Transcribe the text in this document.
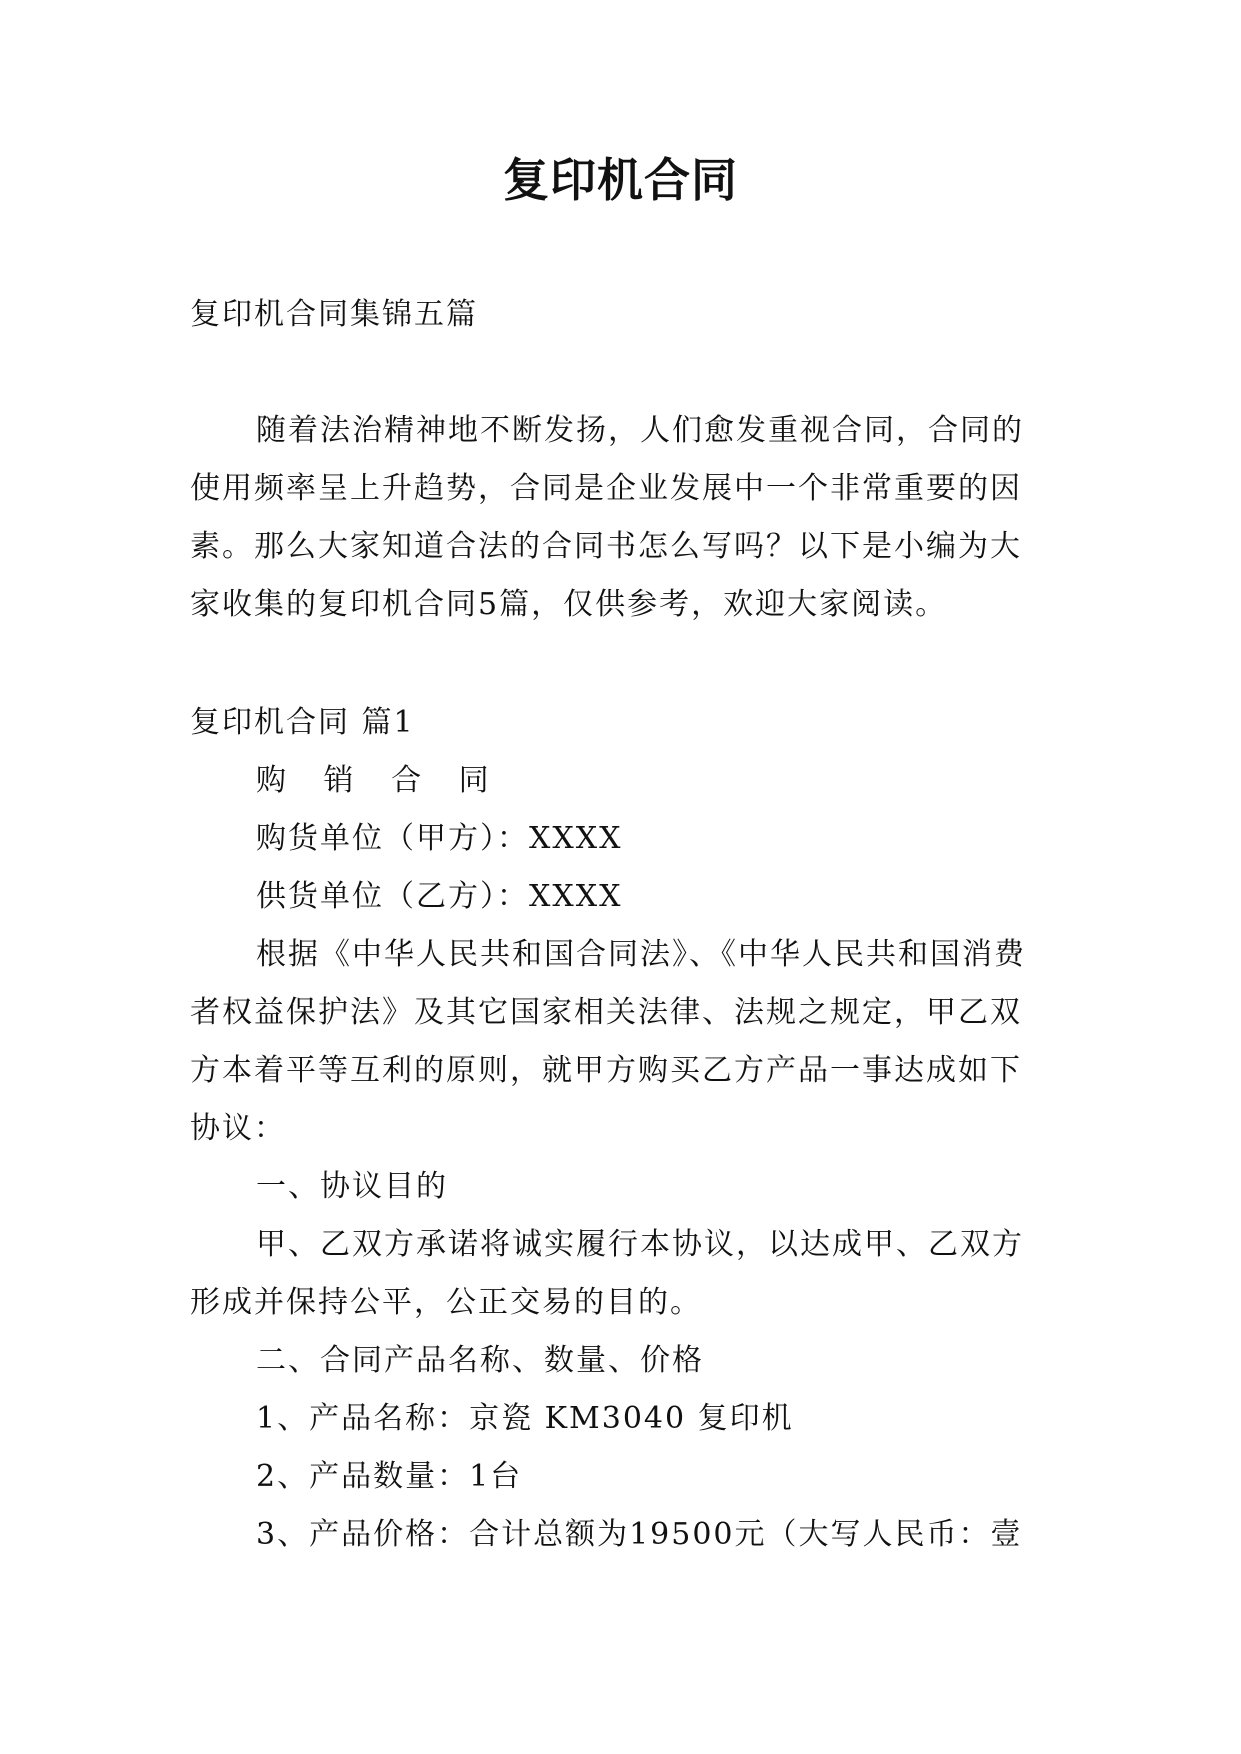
复印机合同
复印机合同集锦五篇
随着法治精神地不断发扬，人们愈发重视合同，合同的
使用频率呈上升趋势，合同是企业发展中一个非常重要的因
素。那么大家知道合法的合同书怎么写吗？以下是小编为大
家收集的复印机合同5篇，仅供参考，欢迎大家阅读。
复印机合同 篇1
购 销 合 同
购货单位（甲方）：XXXX
供货单位（乙方）：XXXX
根据《中华人民共和国合同法》、《中华人民共和国消费
者权益保护法》及其它国家相关法律、法规之规定，甲乙双
方本着平等互利的原则，就甲方购买乙方产品一事达成如下
协议：
一、协议目的
甲、乙双方承诺将诚实履行本协议，以达成甲、乙双方
形成并保持公平，公正交易的目的。
二、合同产品名称、数量、价格
1、产品名称：京瓷 KM3040 复印机
2、产品数量：1台
3、产品价格：合计总额为19500元（大写人民币：壹
